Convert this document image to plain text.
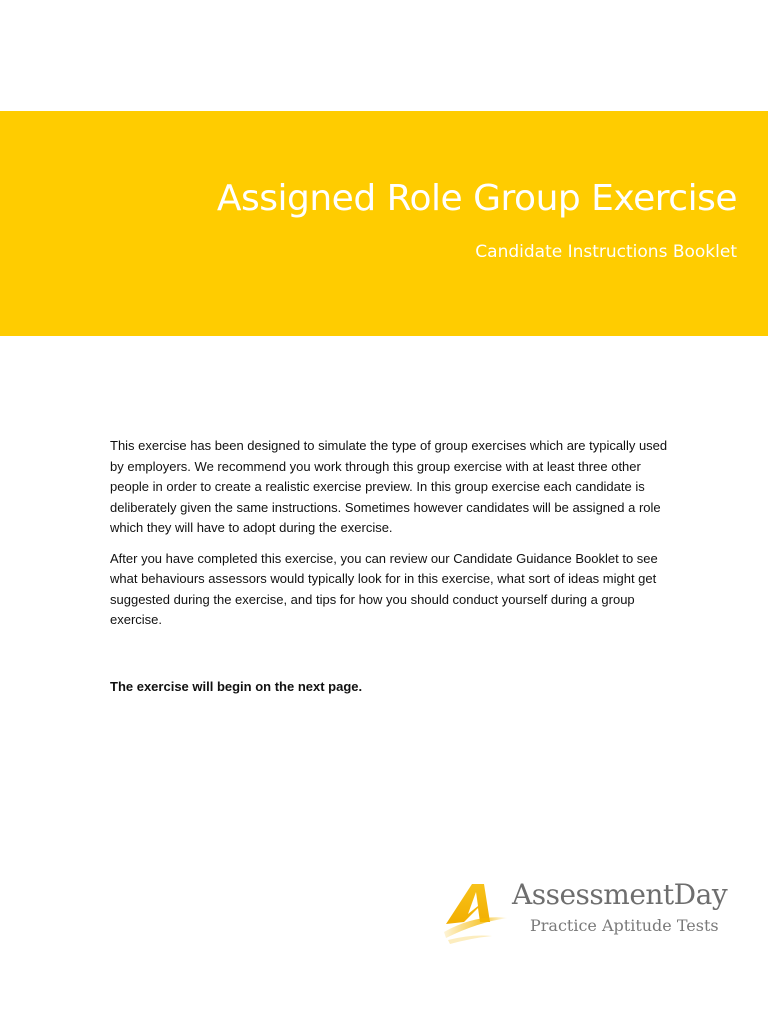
Assigned Role Group Exercise
Candidate Instructions Booklet

This exercise has been designed to simulate the type of group exercises which are typically used by employers. We recommend you work through this group exercise with at least three other people in order to create a realistic exercise preview. In this group exercise each candidate is deliberately given the same instructions. Sometimes however candidates will be assigned a role which they will have to adopt during the exercise.

After you have completed this exercise, you can review our Candidate Guidance Booklet to see what behaviours assessors would typically look for in this exercise, what sort of ideas might get suggested during the exercise, and tips for how you should conduct yourself during a group exercise.

The exercise will begin on the next page.

AssessmentDay
Practice Aptitude Tests
